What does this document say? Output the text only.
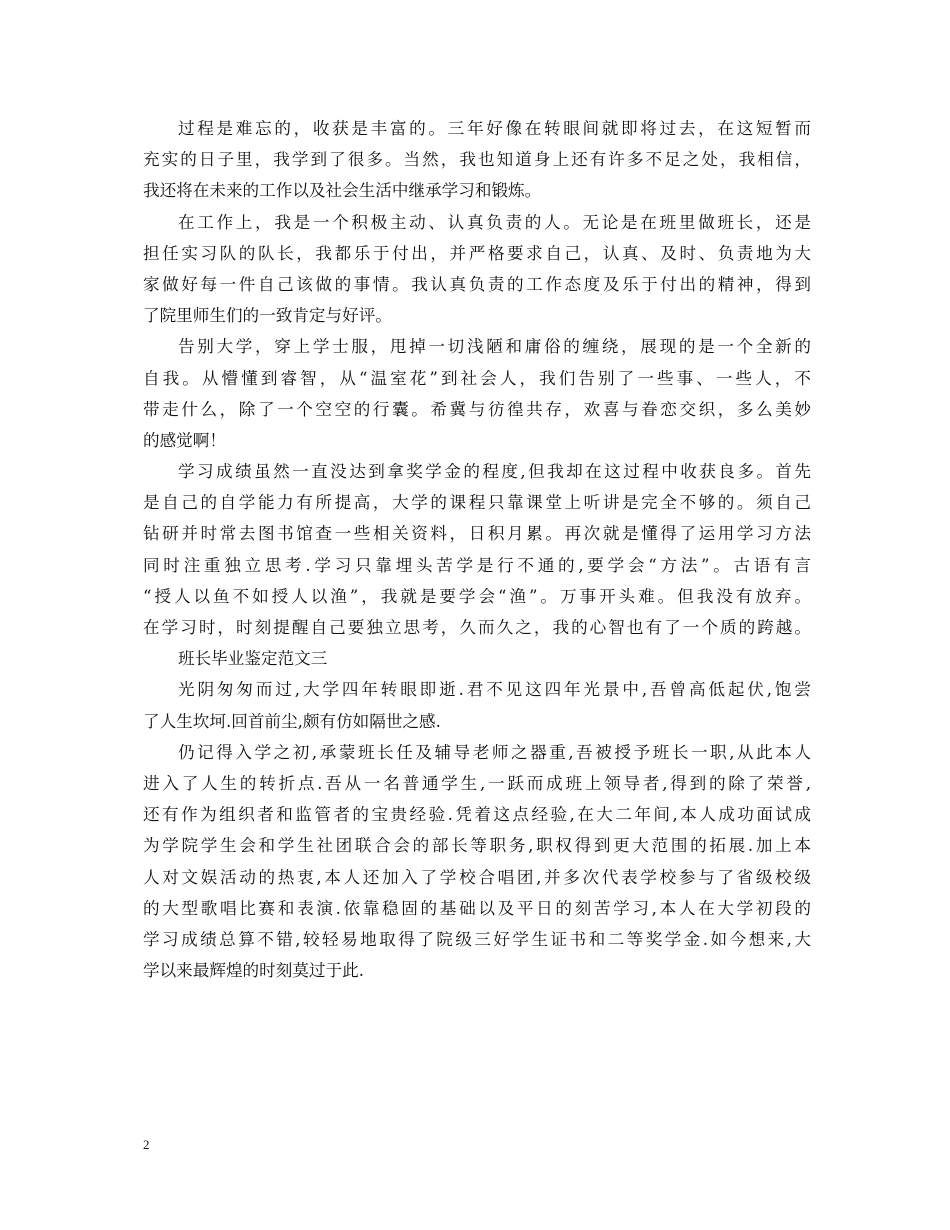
过程是难忘的，收获是丰富的。三年好像在转眼间就即将过去，在这短暂而
充实的日子里，我学到了很多。当然，我也知道身上还有许多不足之处，我相信，
我还将在未来的工作以及社会生活中继承学习和锻炼。
在工作上，我是一个积极主动、认真负责的人。无论是在班里做班长，还是
担任实习队的队长，我都乐于付出，并严格要求自己，认真、及时、负责地为大
家做好每一件自己该做的事情。我认真负责的工作态度及乐于付出的精神，得到
了院里师生们的一致肯定与好评。
告别大学，穿上学士服，甩掉一切浅陋和庸俗的缠绕，展现的是一个全新的
自我。从懵懂到睿智，从“温室花”到社会人，我们告别了一些事、一些人，不
带走什么，除了一个空空的行囊。希冀与彷徨共存，欢喜与眷恋交织，多么美妙
的感觉啊！
学习成绩虽然一直没达到拿奖学金的程度,但我却在这过程中收获良多。首先
是自己的自学能力有所提高，大学的课程只靠课堂上听讲是完全不够的。须自己
钻研并时常去图书馆查一些相关资料，日积月累。再次就是懂得了运用学习方法
同时注重独立思考.学习只靠埋头苦学是行不通的,要学会“方法”。古语有言
“授人以鱼不如授人以渔”，我就是要学会“渔”。万事开头难。但我没有放弃。
在学习时，时刻提醒自己要独立思考，久而久之，我的心智也有了一个质的跨越。
班长毕业鉴定范文三
光阴匆匆而过,大学四年转眼即逝.君不见这四年光景中,吾曾高低起伏,饱尝
了人生坎坷.回首前尘,颇有仿如隔世之感.
仍记得入学之初,承蒙班长任及辅导老师之器重,吾被授予班长一职,从此本人
进入了人生的转折点.吾从一名普通学生,一跃而成班上领导者,得到的除了荣誉,
还有作为组织者和监管者的宝贵经验.凭着这点经验,在大二年间,本人成功面试成
为学院学生会和学生社团联合会的部长等职务,职权得到更大范围的拓展.加上本
人对文娱活动的热衷,本人还加入了学校合唱团,并多次代表学校参与了省级校级
的大型歌唱比赛和表演.依靠稳固的基础以及平日的刻苦学习,本人在大学初段的
学习成绩总算不错,较轻易地取得了院级三好学生证书和二等奖学金.如今想来,大
学以来最辉煌的时刻莫过于此.
2
